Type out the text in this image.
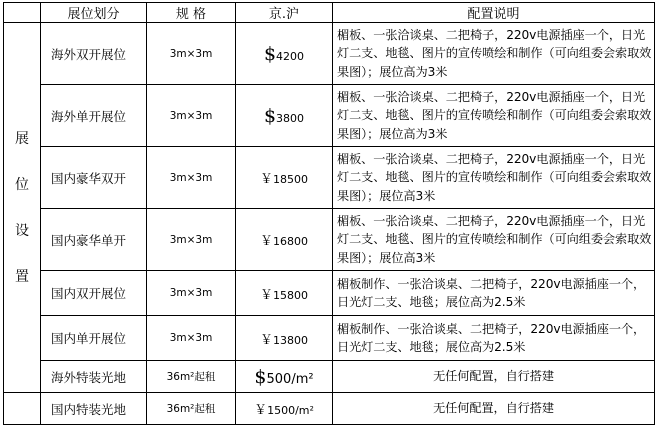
	展位划分	规 格	京.沪	配置说明

展
位
设
置	海外双开展位	3m×3m	$4200	楣板、一张洽谈桌、二把椅子，220v电源插座一个，日光灯二支、地毯、图片的宣传喷绘和制作（可向组委会索取效果图）；展位高为3米
	海外单开展位	3m×3m	$3800	楣板、一张洽谈桌、二把椅子，220v电源插座一个，日光灯二支、地毯、图片的宣传喷绘和制作（可向组委会索取效果图）；展位高为3米
	国内豪华双开	3m×3m	￥18500	楣板、一张洽谈桌、二把椅子，220v电源插座一个，日光灯二支、地毯、图片的宣传喷绘和制作（可向组委会索取效果图）；展位高3米
	国内豪华单开	3m×3m	￥16800	楣板、一张洽谈桌、二把椅子，220v电源插座一个，日光灯二支、地毯、图片的宣传喷绘和制作（可向组委会索取效果图）；展位高3米
	国内双开展位	3m×3m	￥15800	楣板制作、一张洽谈桌、二把椅子，220v电源插座一个，日光灯二支、地毯；展位高为2.5米
	国内单开展位	3m×3m	￥13800	楣板制作、一张洽谈桌、二把椅子，220v电源插座一个，日光灯二支、地毯；展位高为2.5米
	海外特装光地	36m²起租	$500/m²	无任何配置，自行搭建
	国内特装光地	36m²起租	￥1500/m²	无任何配置，自行搭建
